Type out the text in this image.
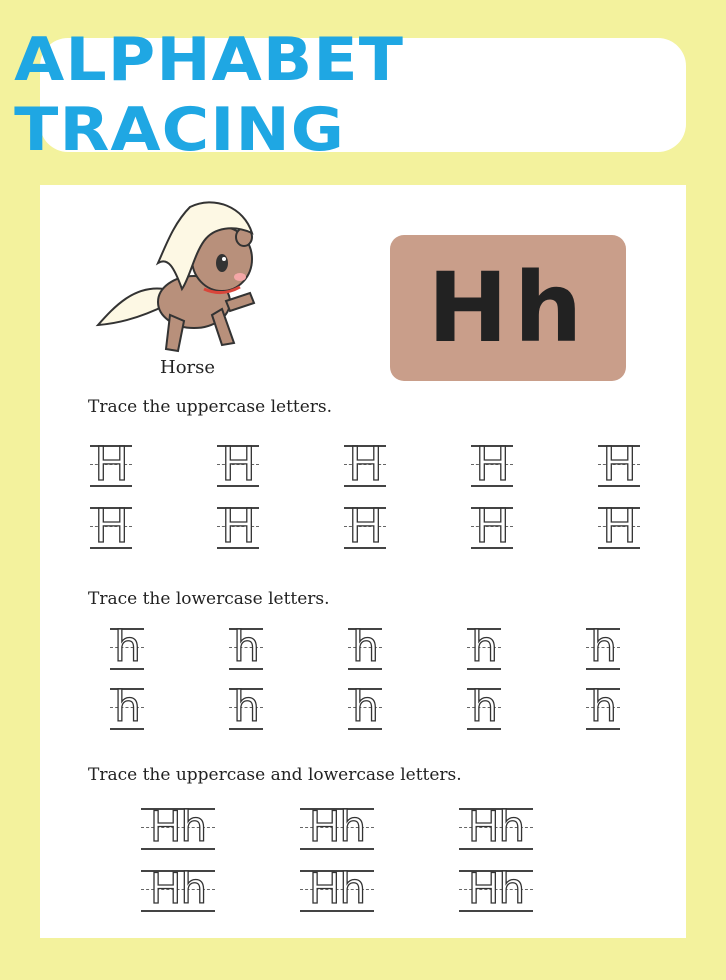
ALPHABET TRACING
Horse
Hh
Trace the uppercase letters.
H H H H H
H H H H H
Trace the lowercase letters.
h h h h h
h h h h h
Trace the uppercase and lowercase letters.
Hh Hh Hh
Hh Hh Hh
